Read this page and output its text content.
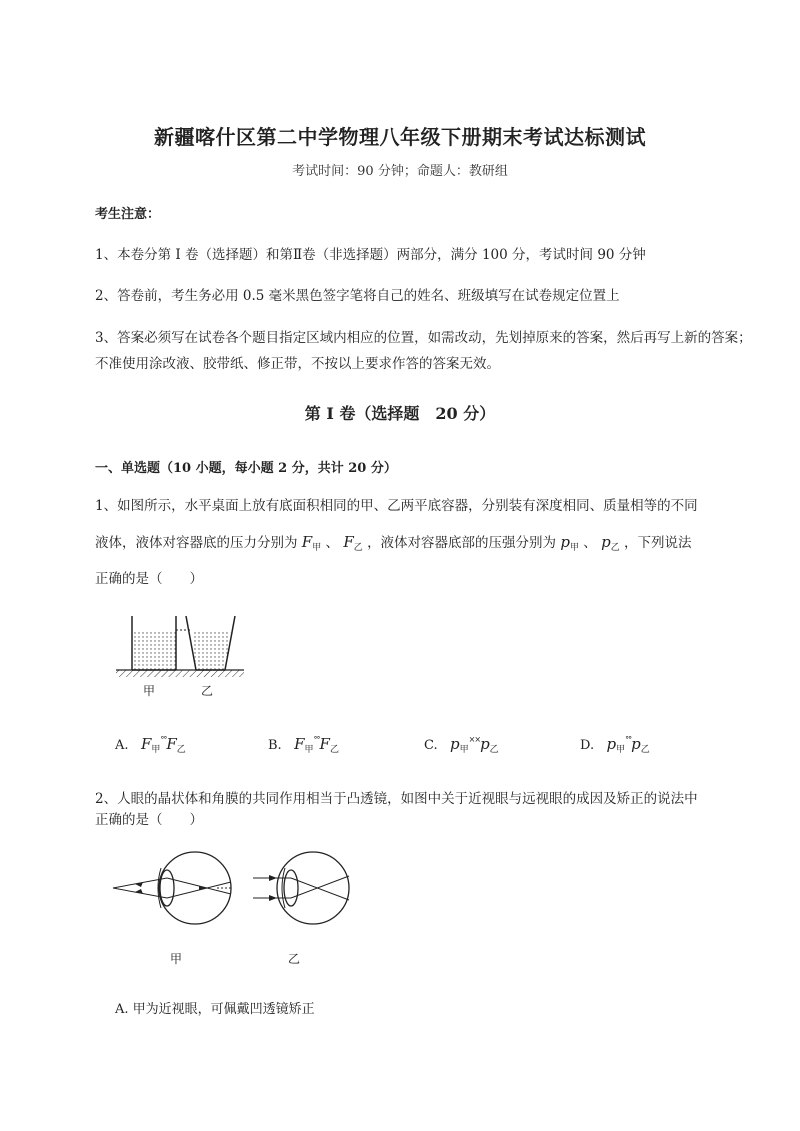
新疆喀什区第二中学物理八年级下册期末考试达标测试
考试时间：90 分钟；命题人：教研组
考生注意：
1、本卷分第 I 卷（选择题）和第Ⅱ卷（非选择题）两部分，满分 100 分，考试时间 90 分钟
2、答卷前，考生务必用 0.5 毫米黑色签字笔将自己的姓名、班级填写在试卷规定位置上
3、答案必须写在试卷各个题目指定区域内相应的位置，如需改动，先划掉原来的答案，然后再写上新的答案；不准使用涂改液、胶带纸、修正带，不按以上要求作答的答案无效。
第 I 卷（选择题　20 分）
一、单选题（10 小题，每小题 2 分，共计 20 分）
1、如图所示，水平桌面上放有底面积相同的甲、乙两平底容器，分别装有深度相同、质量相等的不同
液体，液体对容器底的压力分别为 $F_甲$ 、 $F_乙$ ，液体对容器底部的压强分别为 $p_甲$ 、 $p_乙$ ，下列说法
正确的是（　　）
甲	乙
A. $F_甲^{^\circ^\circ}F_乙$	B. $F_甲^{^\circ^\circ}F_乙$	C. $p_甲^{\times\times}p_乙$	D. $p_甲^{^\circ^\circ}p_乙$
2、人眼的晶状体和角膜的共同作用相当于凸透镜，如图中关于近视眼与远视眼的成因及矫正的说法中
正确的是（　　）
甲	乙
A. 甲为近视眼，可佩戴凹透镜矫正
